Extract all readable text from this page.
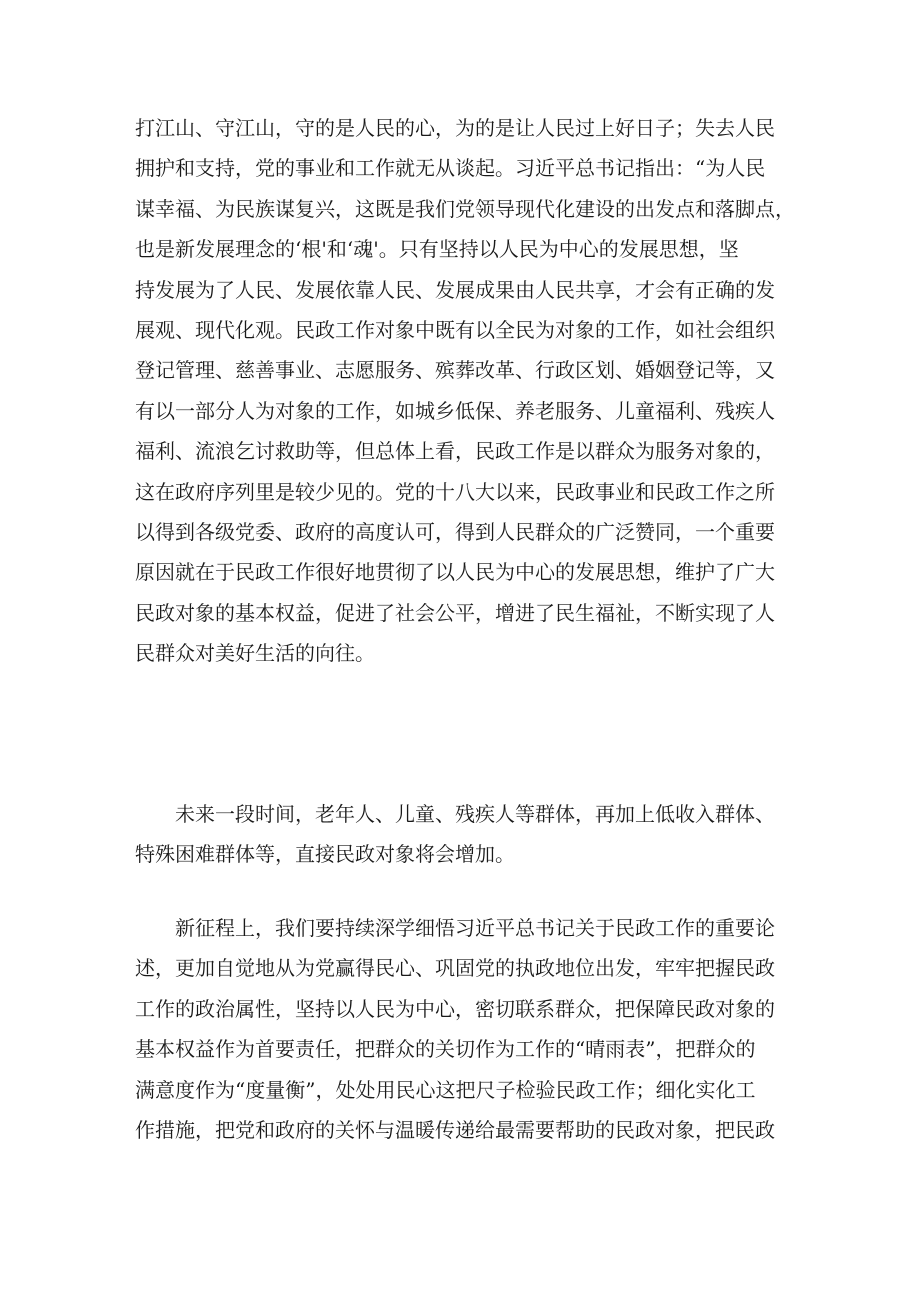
打江山、守江山，守的是人民的心，为的是让人民过上好日子；失去人民
拥护和支持，党的事业和工作就无从谈起。习近平总书记指出：“为人民
谋幸福、为民族谋复兴，这既是我们党领导现代化建设的出发点和落脚点，
也是新发展理念的‘根'和‘魂'。只有坚持以人民为中心的发展思想，坚
持发展为了人民、发展依靠人民、发展成果由人民共享，才会有正确的发
展观、现代化观。民政工作对象中既有以全民为对象的工作，如社会组织
登记管理、慈善事业、志愿服务、殡葬改革、行政区划、婚姻登记等，又
有以一部分人为对象的工作，如城乡低保、养老服务、儿童福利、残疾人
福利、流浪乞讨救助等，但总体上看，民政工作是以群众为服务对象的，
这在政府序列里是较少见的。党的十八大以来，民政事业和民政工作之所
以得到各级党委、政府的高度认可，得到人民群众的广泛赞同，一个重要
原因就在于民政工作很好地贯彻了以人民为中心的发展思想，维护了广大
民政对象的基本权益，促进了社会公平，增进了民生福祉，不断实现了人
民群众对美好生活的向往。
　　未来一段时间，老年人、儿童、残疾人等群体，再加上低收入群体、
特殊困难群体等，直接民政对象将会增加。
　　新征程上，我们要持续深学细悟习近平总书记关于民政工作的重要论
述，更加自觉地从为党赢得民心、巩固党的执政地位出发，牢牢把握民政
工作的政治属性，坚持以人民为中心，密切联系群众，把保障民政对象的
基本权益作为首要责任，把群众的关切作为工作的“晴雨表”，把群众的
满意度作为“度量衡”，处处用民心这把尺子检验民政工作；细化实化工
作措施，把党和政府的关怀与温暖传递给最需要帮助的民政对象，把民政
